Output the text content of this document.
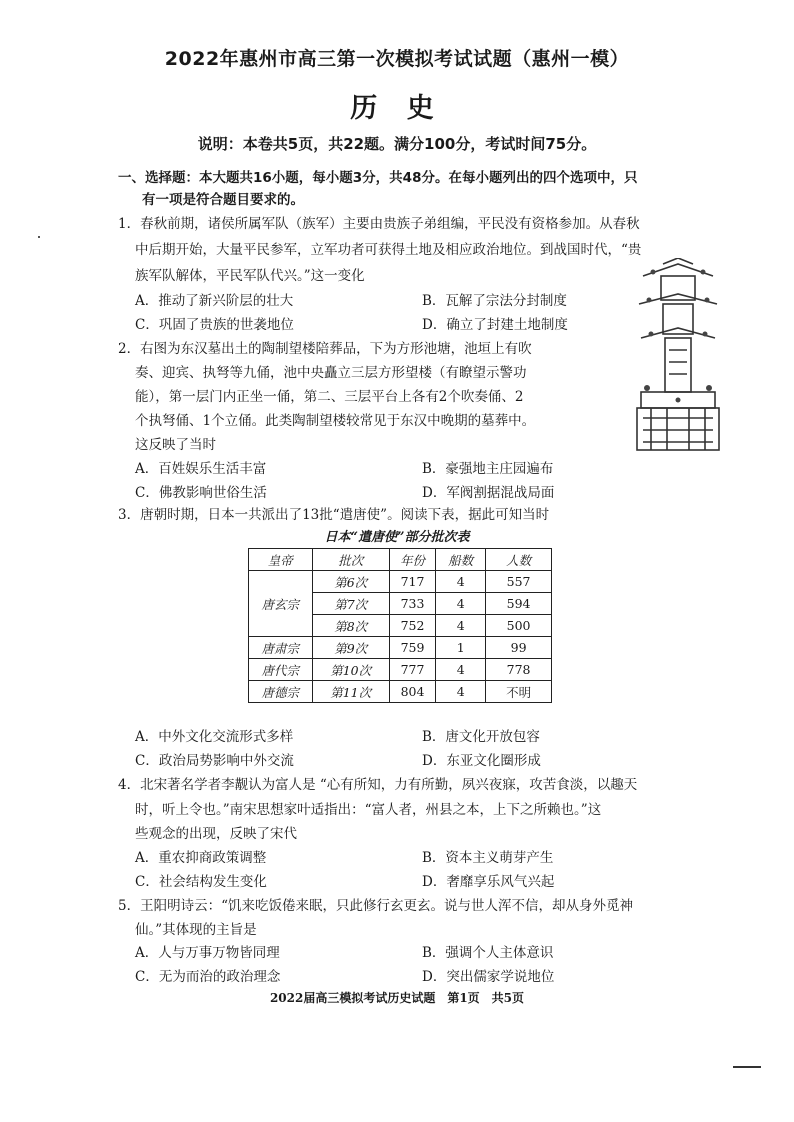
2022年惠州市高三第一次模拟考试试题（惠州一模）
历 史
说明：本卷共5页，共22题。满分100分，考试时间75分。
一、选择题：本大题共16小题，每小题3分，共48分。在每小题列出的四个选项中，只
有一项是符合题目要求的。
1．春秋前期，诸侯所属军队（族军）主要由贵族子弟组编，平民没有资格参加。从春秋
中后期开始，大量平民参军，立军功者可获得土地及相应政治地位。到战国时代，“贵
族军队解体，平民军队代兴。”这一变化
A．推动了新兴阶层的壮大	B．瓦解了宗法分封制度
C．巩固了贵族的世袭地位	D．确立了封建土地制度
2．右图为东汉墓出土的陶制望楼陪葬品，下为方形池塘，池垣上有吹
奏、迎宾、执弩等九俑，池中央矗立三层方形望楼（有瞭望示警功
能），第一层门内正坐一俑，第二、三层平台上各有2个吹奏俑、2
个执弩俑、1个立俑。此类陶制望楼较常见于东汉中晚期的墓葬中。
这反映了当时
A．百姓娱乐生活丰富	B．豪强地主庄园遍布
C．佛教影响世俗生活	D．军阀割据混战局面
3．唐朝时期，日本一共派出了13批“遣唐使”。阅读下表，据此可知当时
日本“遣唐使”部分批次表
皇帝	批次	年份	船数	人数
唐玄宗	第6次	717	4	557
	第7次	733	4	594
	第8次	752	4	500
唐肃宗	第9次	759	1	99
唐代宗	第10次	777	4	778
唐德宗	第11次	804	4	不明
A．中外文化交流形式多样	B．唐文化开放包容
C．政治局势影响中外交流	D．东亚文化圈形成
4．北宋著名学者李觏认为富人是 “心有所知，力有所勤，夙兴夜寐，攻苦食淡，以趣天
时，听上令也。”南宋思想家叶适指出：“富人者，州县之本，上下之所赖也。”这
些观念的出现，反映了宋代
A．重农抑商政策调整	B．资本主义萌芽产生
C．社会结构发生变化	D．奢靡享乐风气兴起
5．王阳明诗云：“饥来吃饭倦来眠，只此修行玄更玄。说与世人浑不信，却从身外觅神
仙。”其体现的主旨是
A．人与万事万物皆同理	B．强调个人主体意识
C．无为而治的政治理念	D．突出儒家学说地位
2022届高三模拟考试历史试题　第1页　共5页
